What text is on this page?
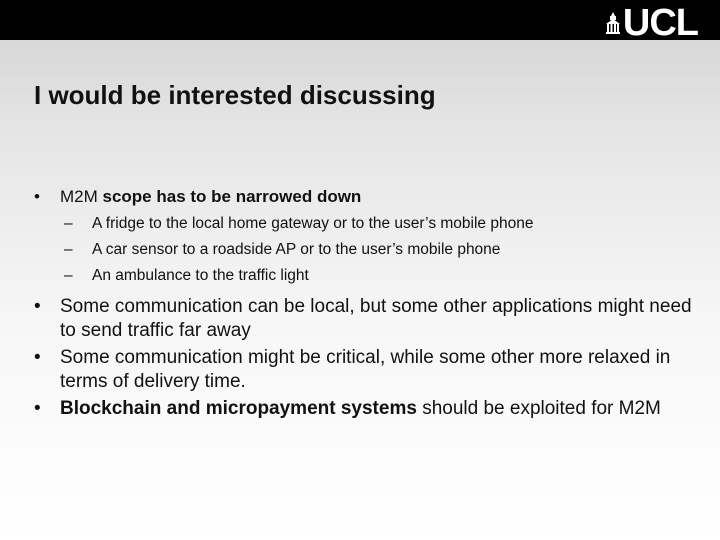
UCL
I would be interested discussing
• M2M scope has to be narrowed down
– A fridge to the local home gateway or to the user’s mobile phone
– A car sensor to a roadside AP or to the user’s mobile phone
– An ambulance to the traffic light
• Some communication can be local, but some other applications might need to send traffic far away
• Some communication might be critical, while some other more relaxed in terms of delivery time.
• Blockchain and micropayment systems should be exploited for M2M
